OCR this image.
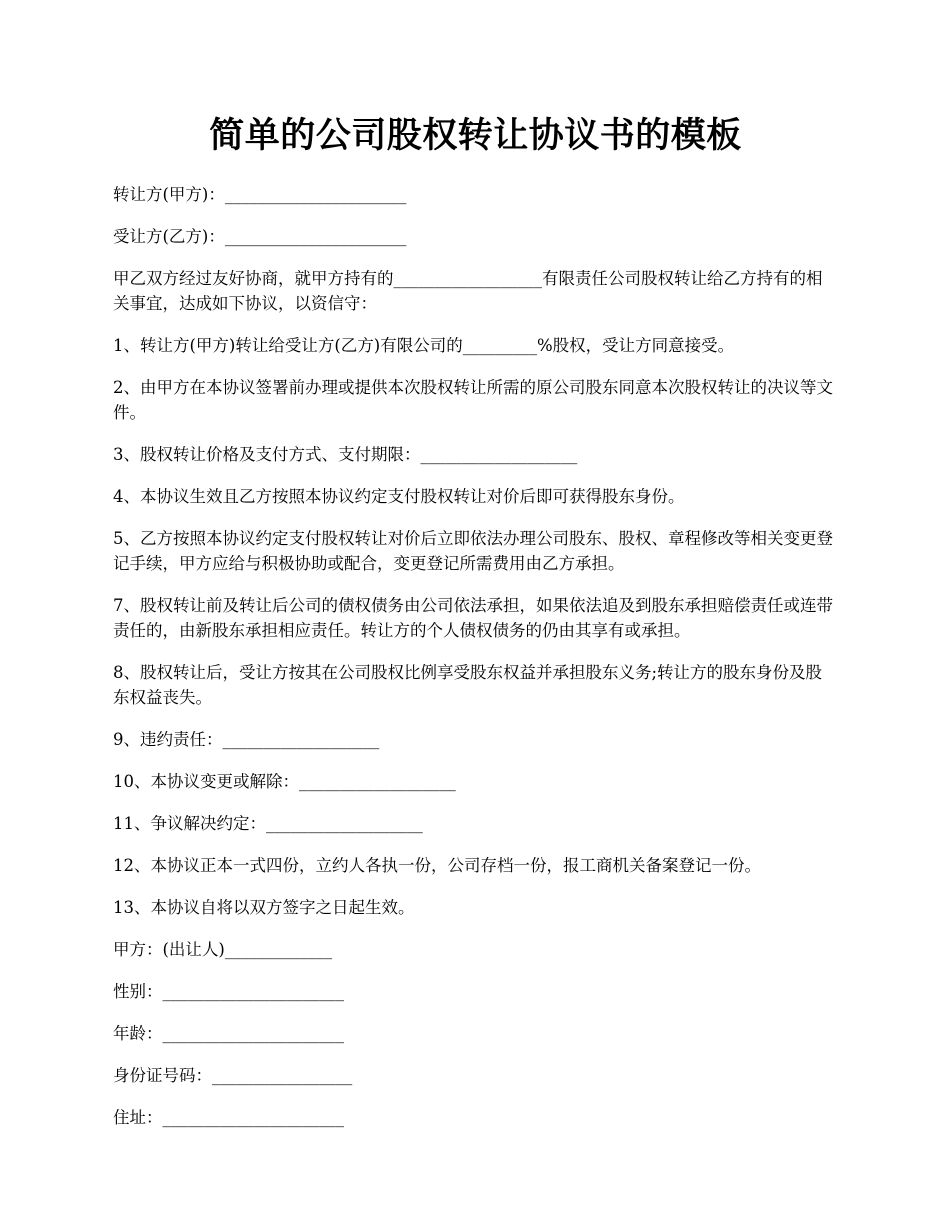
简单的公司股权转让协议书的模板

转让方(甲方)：______________________

受让方(乙方)：______________________

甲乙双方经过友好协商，就甲方持有的__________________有限责任公司股权转让给乙方持有的相关事宜，达成如下协议，以资信守：

1、转让方(甲方)转让给受让方(乙方)有限公司的_________%股权，受让方同意接受。

2、由甲方在本协议签署前办理或提供本次股权转让所需的原公司股东同意本次股权转让的决议等文件。

3、股权转让价格及支付方式、支付期限：___________________

4、本协议生效且乙方按照本协议约定支付股权转让对价后即可获得股东身份。

5、乙方按照本协议约定支付股权转让对价后立即依法办理公司股东、股权、章程修改等相关变更登记手续，甲方应给与积极协助或配合，变更登记所需费用由乙方承担。

7、股权转让前及转让后公司的债权债务由公司依法承担，如果依法追及到股东承担赔偿责任或连带责任的，由新股东承担相应责任。转让方的个人债权债务的仍由其享有或承担。

8、股权转让后，受让方按其在公司股权比例享受股东权益并承担股东义务;转让方的股东身份及股东权益丧失。

9、违约责任：___________________

10、本协议变更或解除：___________________

11、争议解决约定：___________________

12、本协议正本一式四份，立约人各执一份，公司存档一份，报工商机关备案登记一份。

13、本协议自将以双方签字之日起生效。

甲方：(出让人)_____________

性别：______________________

年龄：______________________

身份证号码：_________________

住址：______________________
